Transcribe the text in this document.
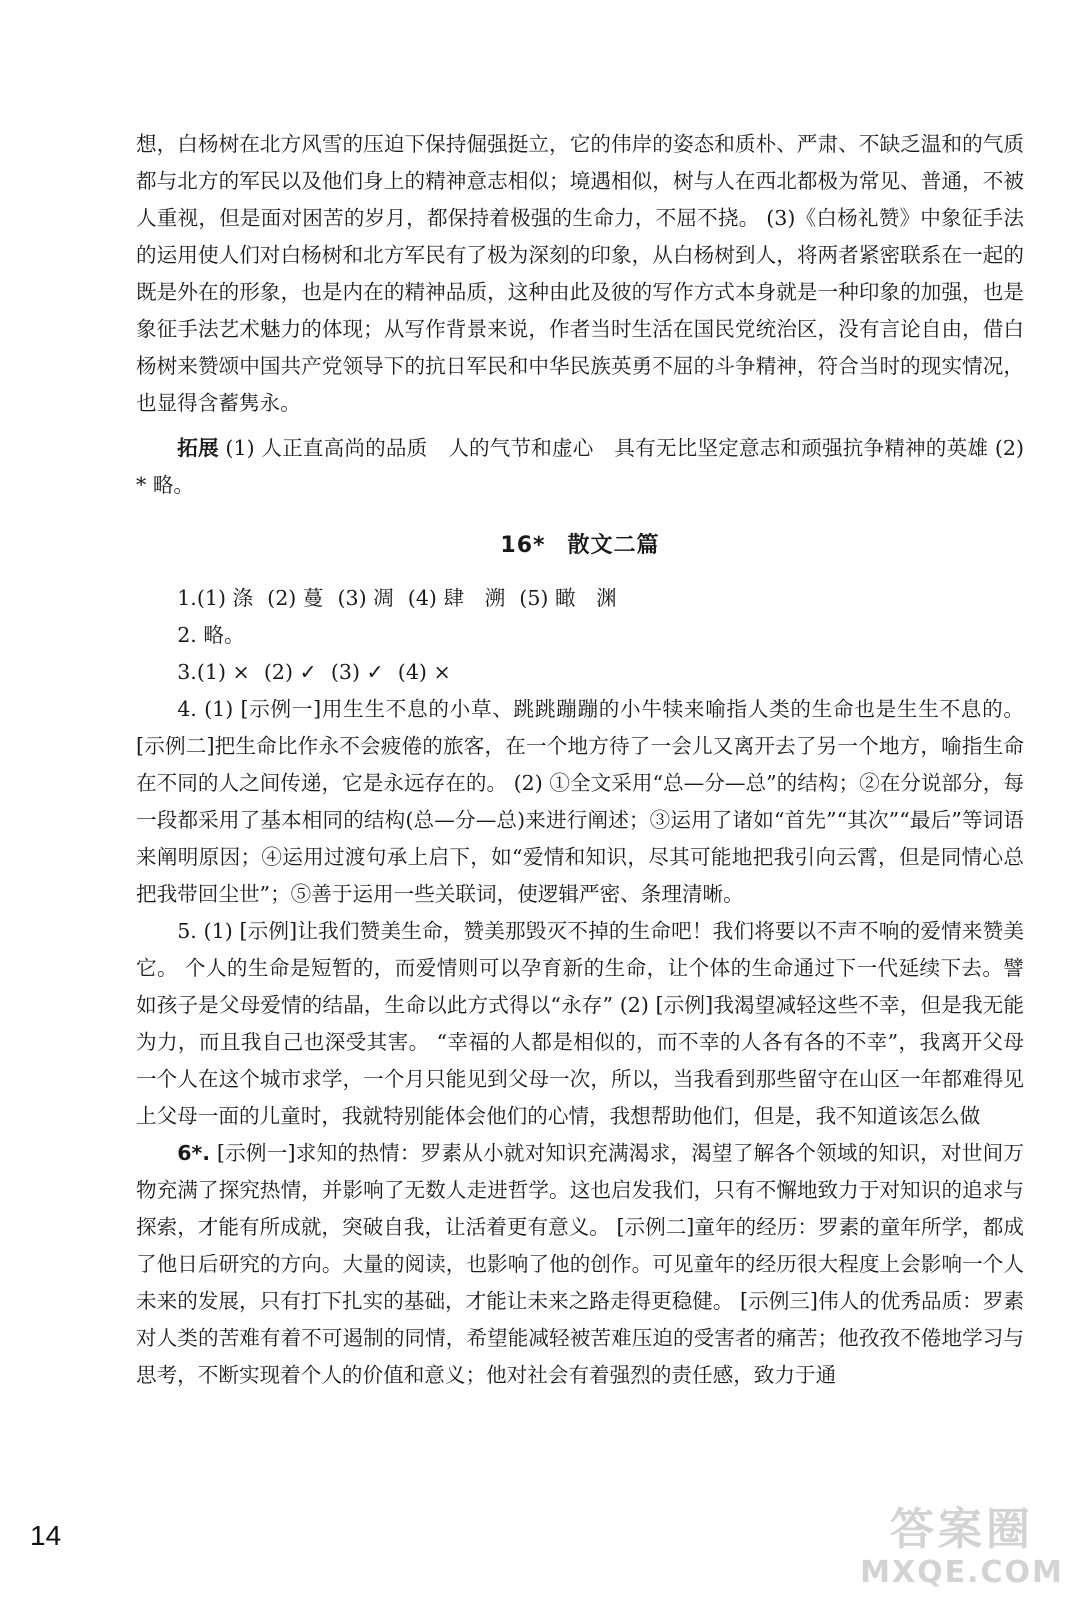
想，白杨树在北方风雪的压迫下保持倔强挺立，它的伟岸的姿态和质朴、严肃、不缺乏温和的气质都与北方的军民以及他们身上的精神意志相似；境遇相似，树与人在西北都极为常见、普通，不被人重视，但是面对困苦的岁月，都保持着极强的生命力，不屈不挠。 (3)《白杨礼赞》中象征手法的运用使人们对白杨树和北方军民有了极为深刻的印象，从白杨树到人，将两者紧密联系在一起的既是外在的形象，也是内在的精神品质，这种由此及彼的写作方式本身就是一种印象的加强，也是象征手法艺术魅力的体现；从写作背景来说，作者当时生活在国民党统治区，没有言论自由，借白杨树来赞颂中国共产党领导下的抗日军民和中华民族英勇不屈的斗争精神，符合当时的现实情况，也显得含蓄隽永。

拓展 (1) 人正直高尚的品质　人的气节和虚心　具有无比坚定意志和顽强抗争精神的英雄 (2)* 略。

16* 散文二篇

1.(1) 涤 (2) 蔓 (3) 凋 (4) 肆　溯 (5) 瞰　渊

2. 略。

3.(1) × (2) ✓ (3) ✓ (4) ×

4. (1) [示例一]用生生不息的小草、跳跳蹦蹦的小牛犊来喻指人类的生命也是生生不息的。 [示例二]把生命比作永不会疲倦的旅客，在一个地方待了一会儿又离开去了另一个地方，喻指生命在不同的人之间传递，它是永远存在的。 (2) ①全文采用“总—分—总”的结构；②在分说部分，每一段都采用了基本相同的结构(总—分—总)来进行阐述；③运用了诸如“首先”“其次”“最后”等词语来阐明原因；④运用过渡句承上启下，如“爱情和知识，尽其可能地把我引向云霄，但是同情心总把我带回尘世”；⑤善于运用一些关联词，使逻辑严密、条理清晰。

5. (1) [示例]让我们赞美生命，赞美那毁灭不掉的生命吧！我们将要以不声不响的爱情来赞美它。 个人的生命是短暂的，而爱情则可以孕育新的生命，让个体的生命通过下一代延续下去。譬如孩子是父母爱情的结晶，生命以此方式得以“永存” (2) [示例]我渴望减轻这些不幸，但是我无能为力，而且我自己也深受其害。 “幸福的人都是相似的，而不幸的人各有各的不幸”，我离开父母一个人在这个城市求学，一个月只能见到父母一次，所以，当我看到那些留守在山区一年都难得见上父母一面的儿童时，我就特别能体会他们的心情，我想帮助他们，但是，我不知道该怎么做

6*. [示例一]求知的热情：罗素从小就对知识充满渴求，渴望了解各个领域的知识，对世间万物充满了探究热情，并影响了无数人走进哲学。这也启发我们，只有不懈地致力于对知识的追求与探索，才能有所成就，突破自我，让活着更有意义。 [示例二]童年的经历：罗素的童年所学，都成了他日后研究的方向。大量的阅读，也影响了他的创作。可见童年的经历很大程度上会影响一个人未来的发展，只有打下扎实的基础，才能让未来之路走得更稳健。 [示例三]伟人的优秀品质：罗素对人类的苦难有着不可遏制的同情，希望能减轻被苦难压迫的受害者的痛苦；他孜孜不倦地学习与思考，不断实现着个人的价值和意义；他对社会有着强烈的责任感，致力于通

14	答案圈
MXQE.COM
